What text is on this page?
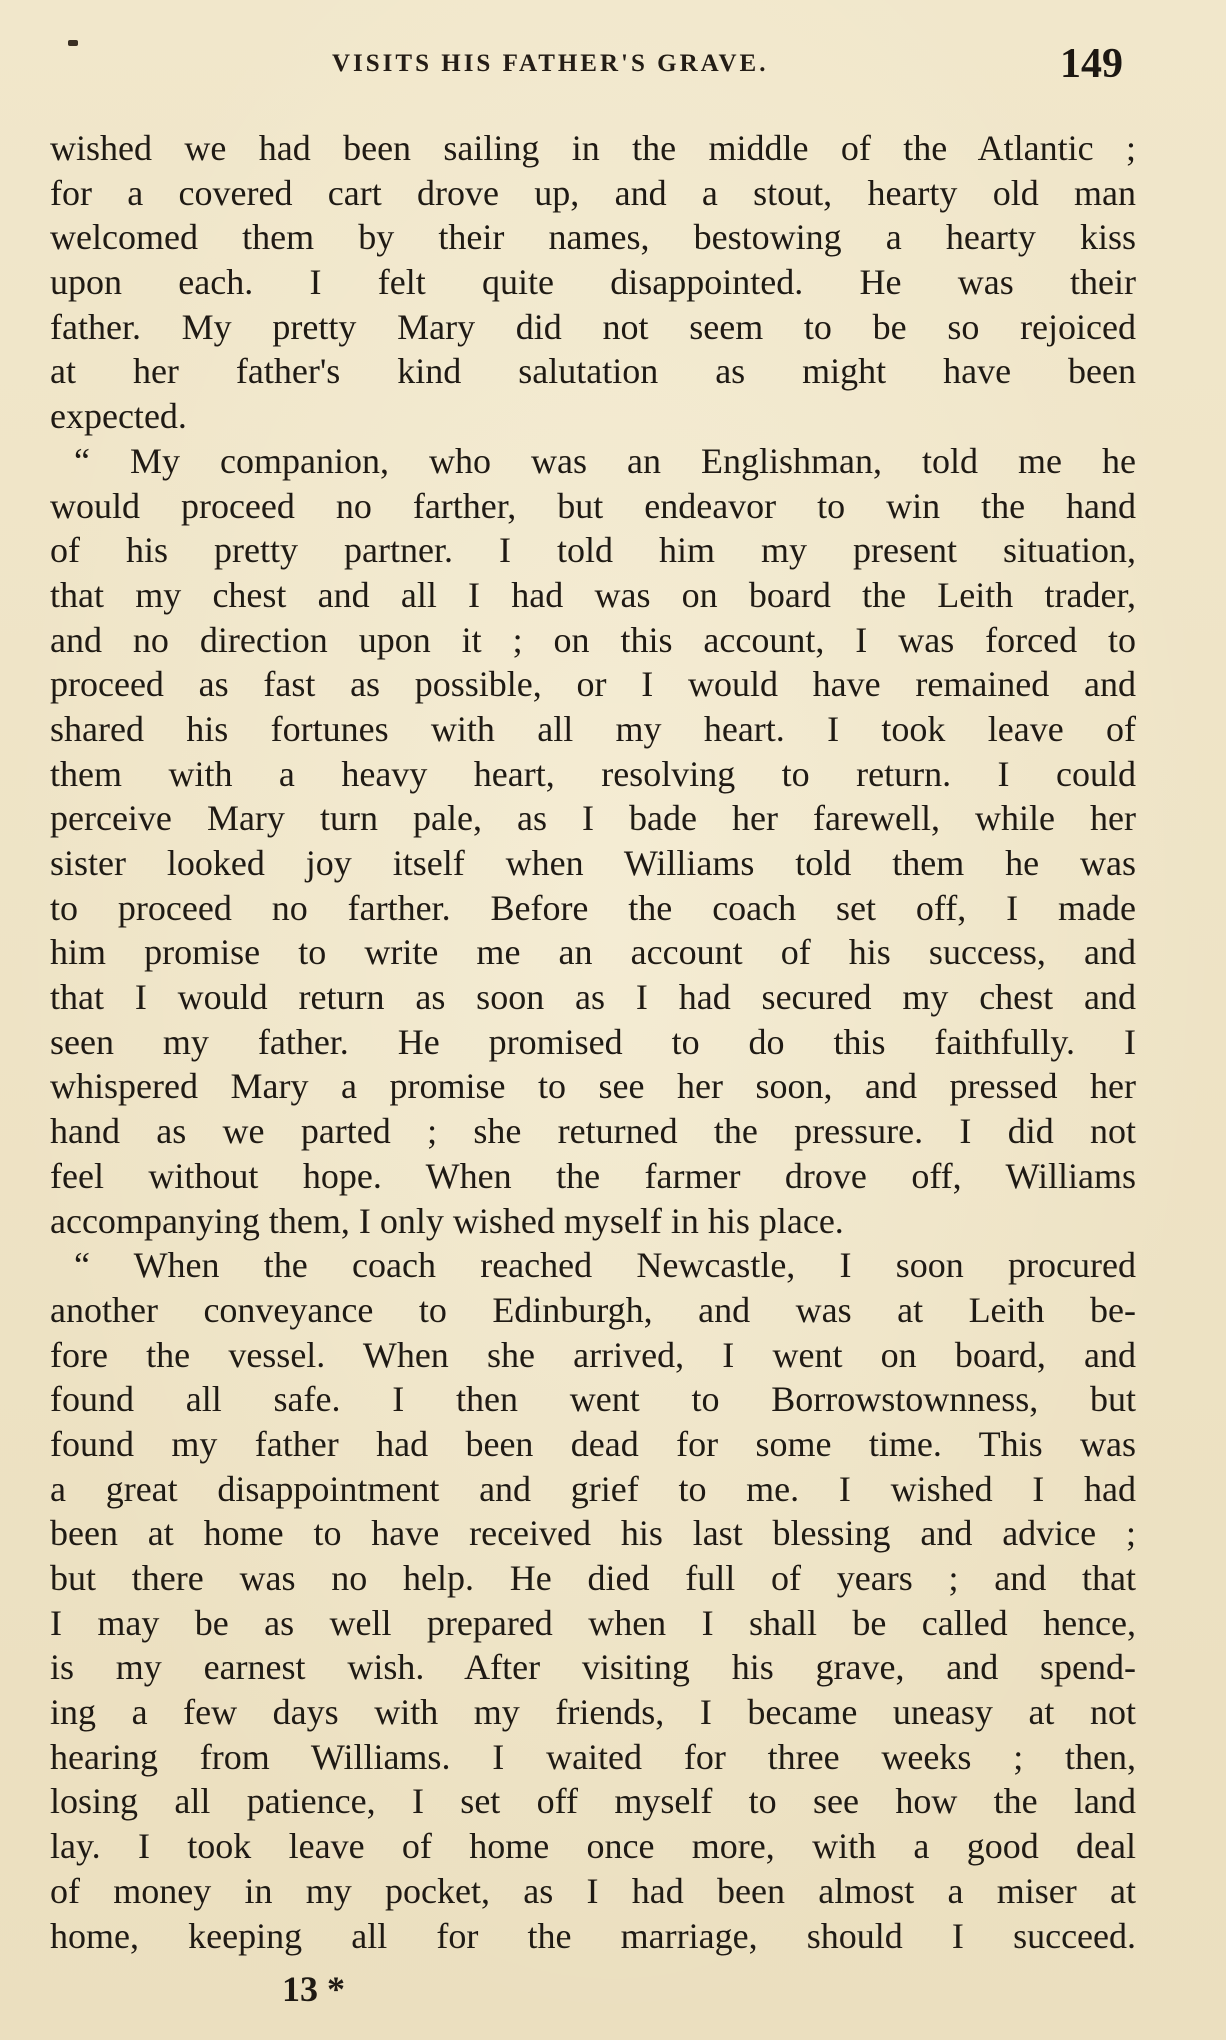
VISITS HIS FATHER'S GRAVE.	149
wished we had been sailing in the middle of the Atlantic ;
for a covered cart drove up, and a stout, hearty old man
welcomed them by their names, bestowing a hearty kiss
upon each. I felt quite disappointed. He was their
father. My pretty Mary did not seem to be so rejoiced
at her father's kind salutation as might have been
expected.
“ My companion, who was an Englishman, told me he
would proceed no farther, but endeavor to win the hand
of his pretty partner. I told him my present situation,
that my chest and all I had was on board the Leith trader,
and no direction upon it ; on this account, I was forced to
proceed as fast as possible, or I would have remained and
shared his fortunes with all my heart. I took leave of
them with a heavy heart, resolving to return. I could
perceive Mary turn pale, as I bade her farewell, while her
sister looked joy itself when Williams told them he was
to proceed no farther. Before the coach set off, I made
him promise to write me an account of his success, and
that I would return as soon as I had secured my chest and
seen my father. He promised to do this faithfully. I
whispered Mary a promise to see her soon, and pressed her
hand as we parted ; she returned the pressure. I did not
feel without hope. When the farmer drove off, Williams
accompanying them, I only wished myself in his place.
“ When the coach reached Newcastle, I soon procured
another conveyance to Edinburgh, and was at Leith be-
fore the vessel. When she arrived, I went on board, and
found all safe. I then went to Borrowstownness, but
found my father had been dead for some time. This was
a great disappointment and grief to me. I wished I had
been at home to have received his last blessing and advice ;
but there was no help. He died full of years ; and that
I may be as well prepared when I shall be called hence,
is my earnest wish. After visiting his grave, and spend-
ing a few days with my friends, I became uneasy at not
hearing from Williams. I waited for three weeks ; then,
losing all patience, I set off myself to see how the land
lay. I took leave of home once more, with a good deal
of money in my pocket, as I had been almost a miser at
home, keeping all for the marriage, should I succeed.
13 *
